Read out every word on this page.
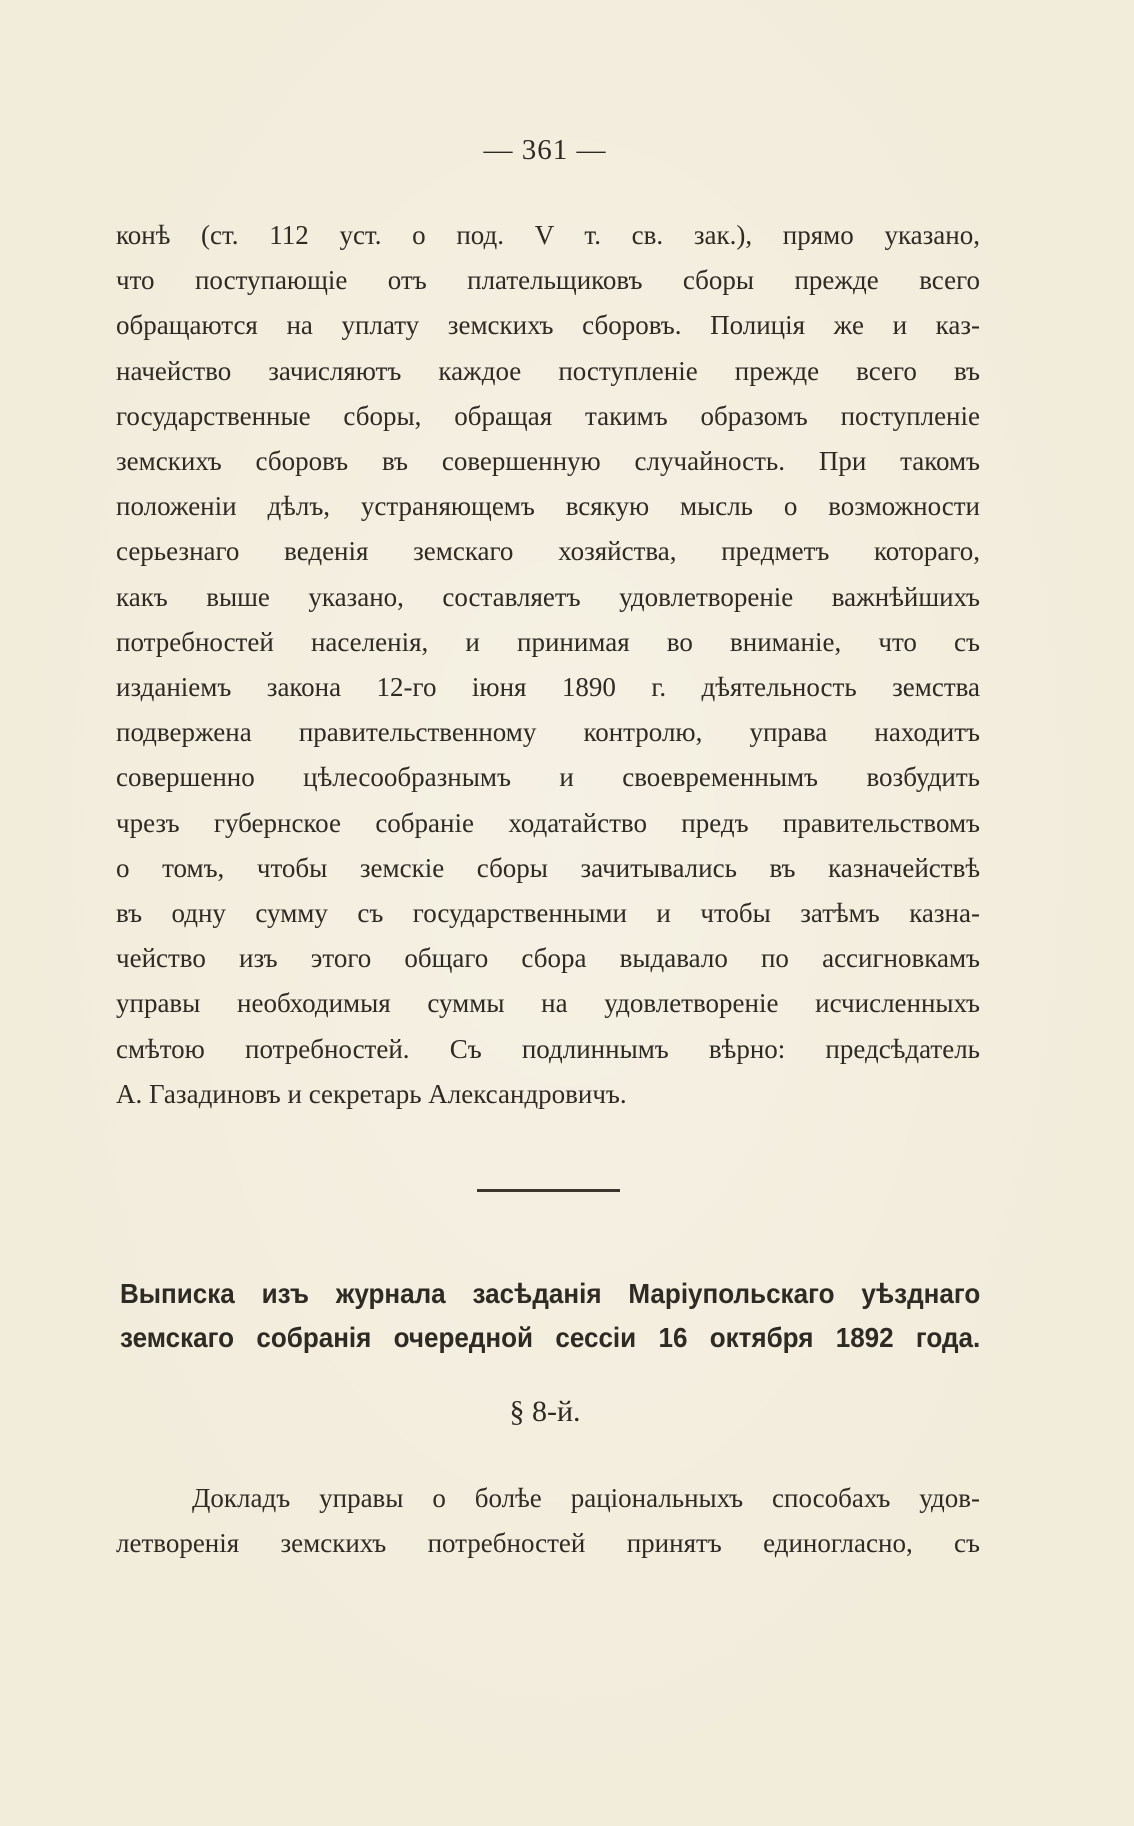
— 361 —
конѣ (ст. 112 уст. о под. V т. св. зак.), прямо указано,
что поступающіе отъ плательщиковъ сборы прежде всего
обращаются на уплату земскихъ сборовъ. Полиція же и каз-
начейство зачисляютъ каждое поступленіе прежде всего въ
государственные сборы, обращая такимъ образомъ поступленіе
земскихъ сборовъ въ совершенную случайность. При такомъ
положеніи дѣлъ, устраняющемъ всякую мысль о возможности
серьезнаго веденія земскаго хозяйства, предметъ котораго,
какъ выше указано, составляетъ удовлетвореніе важнѣйшихъ
потребностей населенія, и принимая во вниманіе, что съ
изданіемъ закона 12-го іюня 1890 г. дѣятельность земства
подвержена правительственному контролю, управа находитъ
совершенно цѣлесообразнымъ и своевременнымъ возбудить
чрезъ губернское собраніе ходатайство предъ правительствомъ
о томъ, чтобы земскіе сборы зачитывались въ казначействѣ
въ одну сумму съ государственными и чтобы затѣмъ казна-
чейство изъ этого общаго сбора выдавало по ассигновкамъ
управы необходимыя суммы на удовлетвореніе исчисленныхъ
смѣтою потребностей. Съ подлиннымъ вѣрно: предсѣдатель
А. Газадиновъ и секретарь Александровичъ.
Выписка изъ журнала засѣданія Маріупольскаго уѣзднаго
земскаго собранія очередной сессіи 16 октября 1892 года.
§ 8-й.
Докладъ управы о болѣе раціональныхъ способахъ удов-
летворенія земскихъ потребностей принятъ единогласно, съ
